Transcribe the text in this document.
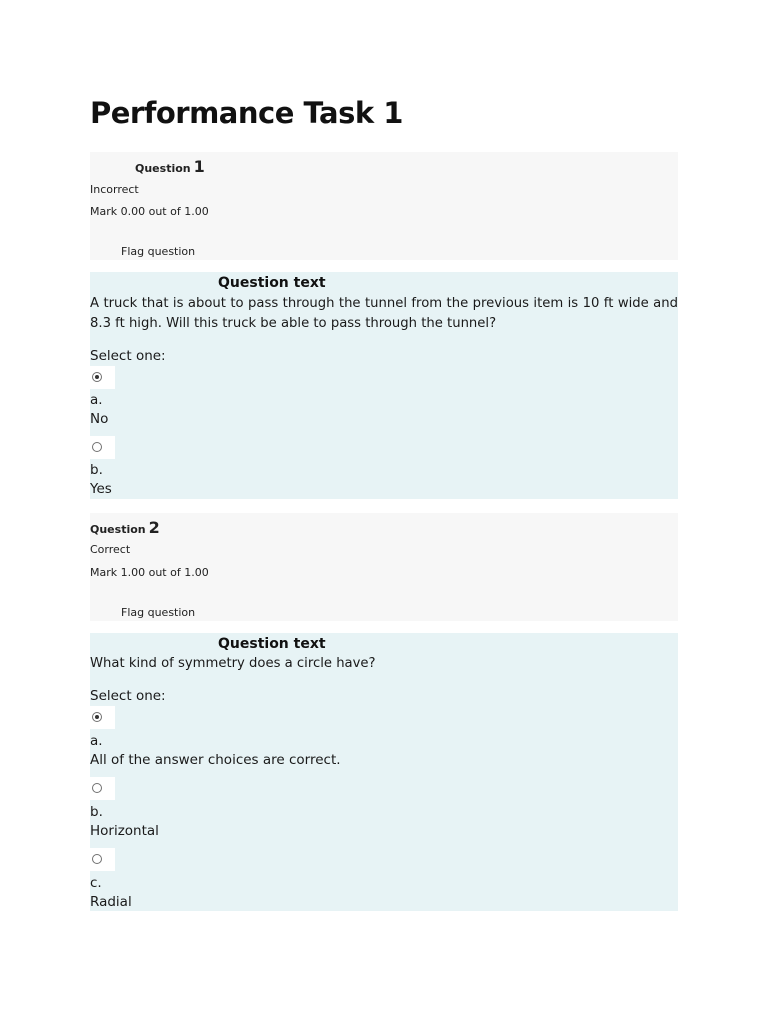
Performance Task 1
Question 1
Incorrect
Mark 0.00 out of 1.00
Flag question
Question text
A truck that is about to pass through the tunnel from the previous item is 10 ft wide and 8.3 ft high. Will this truck be able to pass through the tunnel?
Select one:
a.
No
b.
Yes
Question 2
Correct
Mark 1.00 out of 1.00
Flag question
Question text
What kind of symmetry does a circle have?
Select one:
a.
All of the answer choices are correct.
b.
Horizontal
c.
Radial
